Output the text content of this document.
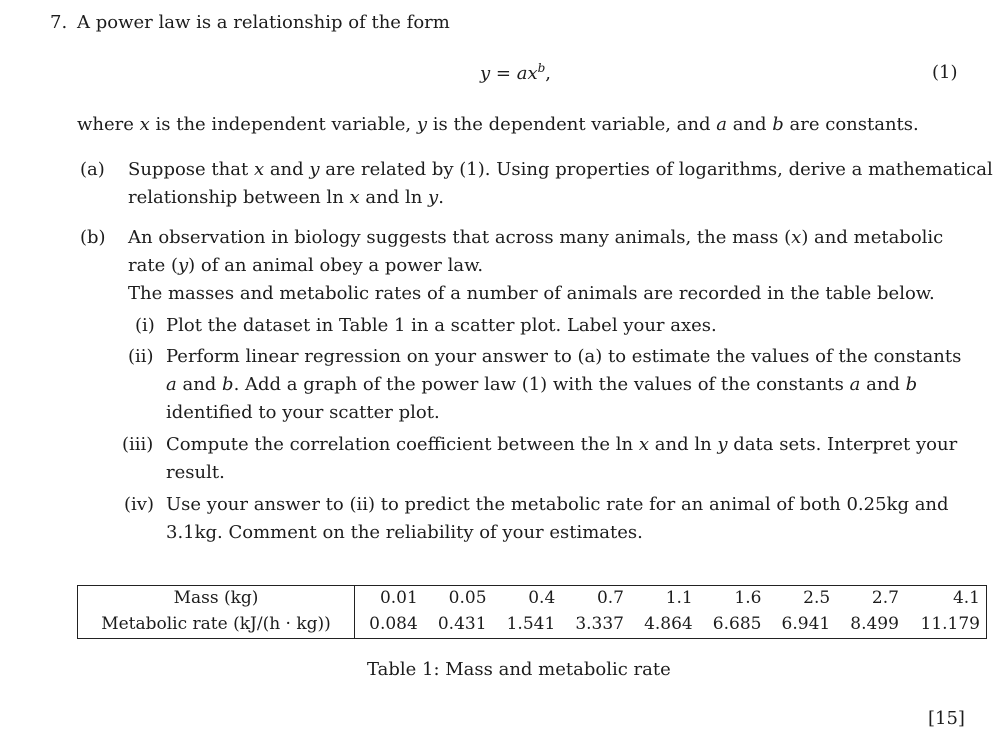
7. A power law is a relationship of the form
$y = ax^b$,	(1)
where x is the independent variable, y is the dependent variable, and a and b are constants.
(a) Suppose that x and y are related by (1). Using properties of logarithms, derive a mathematical
relationship between ln x and ln y.
(b) An observation in biology suggests that across many animals, the mass (x) and metabolic
rate (y) of an animal obey a power law.
The masses and metabolic rates of a number of animals are recorded in the table below.
(i) Plot the dataset in Table 1 in a scatter plot. Label your axes.
(ii) Perform linear regression on your answer to (a) to estimate the values of the constants
a and b. Add a graph of the power law (1) with the values of the constants a and b
identified to your scatter plot.
(iii) Compute the correlation coefficient between the ln x and ln y data sets. Interpret your
result.
(iv) Use your answer to (ii) to predict the metabolic rate for an animal of both 0.25kg and
3.1kg. Comment on the reliability of your estimates.
Mass (kg)	0.01	0.05	0.4	0.7	1.1	1.6	2.5	2.7	4.1
Metabolic rate (kJ/(h · kg))	0.084	0.431	1.541	3.337	4.864	6.685	6.941	8.499	11.179
Table 1: Mass and metabolic rate
[15]
